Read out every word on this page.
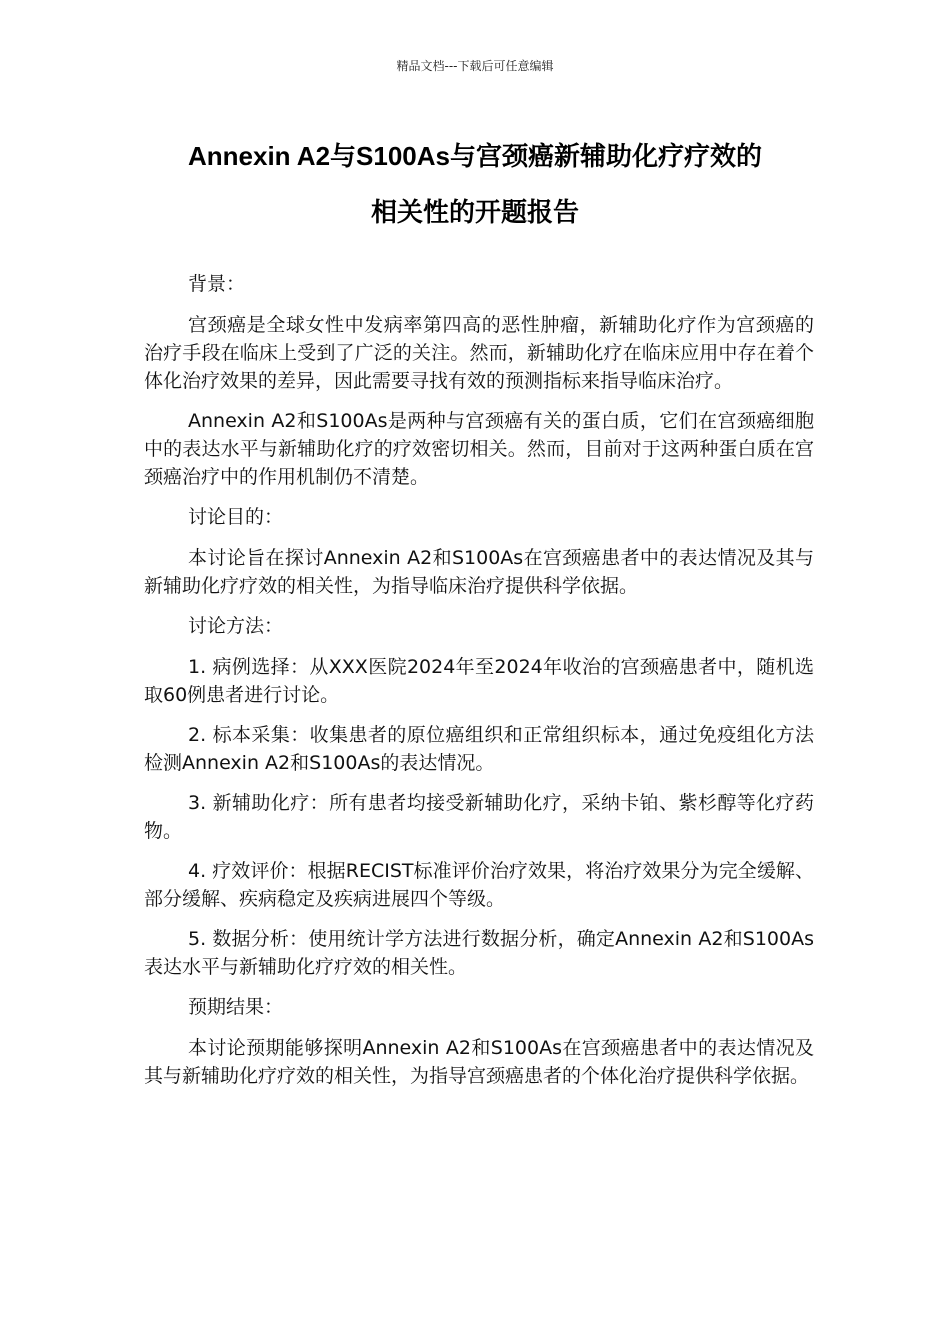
精品文档---下载后可任意编辑
Annexin A2与S100As与宫颈癌新辅助化疗疗效的
相关性的开题报告

背景：

宫颈癌是全球女性中发病率第四高的恶性肿瘤，新辅助化疗作为宫颈癌的治疗手段在临床上受到了广泛的关注。然而，新辅助化疗在临床应用中存在着个体化治疗效果的差异，因此需要寻找有效的预测指标来指导临床治疗。

Annexin A2和S100As是两种与宫颈癌有关的蛋白质，它们在宫颈癌细胞中的表达水平与新辅助化疗的疗效密切相关。然而，目前对于这两种蛋白质在宫颈癌治疗中的作用机制仍不清楚。

讨论目的：

本讨论旨在探讨Annexin A2和S100As在宫颈癌患者中的表达情况及其与新辅助化疗疗效的相关性，为指导临床治疗提供科学依据。

讨论方法：

1. 病例选择：从XXX医院2024年至2024年收治的宫颈癌患者中，随机选取60例患者进行讨论。

2. 标本采集：收集患者的原位癌组织和正常组织标本，通过免疫组化方法检测Annexin A2和S100As的表达情况。

3. 新辅助化疗：所有患者均接受新辅助化疗，采纳卡铂、紫杉醇等化疗药物。

4. 疗效评价：根据RECIST标准评价治疗效果，将治疗效果分为完全缓解、部分缓解、疾病稳定及疾病进展四个等级。

5. 数据分析：使用统计学方法进行数据分析，确定Annexin A2和S100As表达水平与新辅助化疗疗效的相关性。

预期结果：

本讨论预期能够探明Annexin A2和S100As在宫颈癌患者中的表达情况及其与新辅助化疗疗效的相关性，为指导宫颈癌患者的个体化治疗提供科学依据。
